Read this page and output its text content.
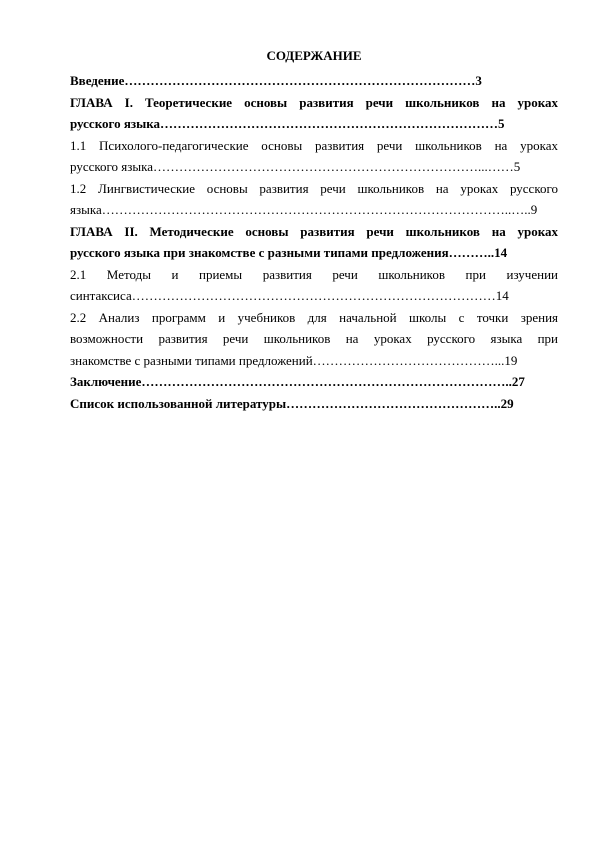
СОДЕРЖАНИЕ
Введение………………………………………………………………………3
ГЛАВА I. Теоретические основы развития речи школьников на уроках
русского языка……………………………………………………………………5
1.1 Психолого-педагогические основы развития речи школьников на уроках
русского языка…………………………………………………………………...……5
1.2 Лингвистические основы развития речи школьников на уроках русского
языка…………………………………………………………………………………..…..9
ГЛАВА II. Методические основы развития речи школьников на уроках
русского языка при знакомстве с разными типами предложения………..14
2.1 Методы и приемы развития речи школьников при изучении
синтаксиса…………………………………………………………………………14
2.2 Анализ программ и учебников для начальной школы с точки зрения
возможности развития речи школьников на уроках русского языка при
знакомстве с разными типами предложений……………………………………...19
Заключение…………………………………………………………………………..27
Список использованной литературы…………………………………………..29
